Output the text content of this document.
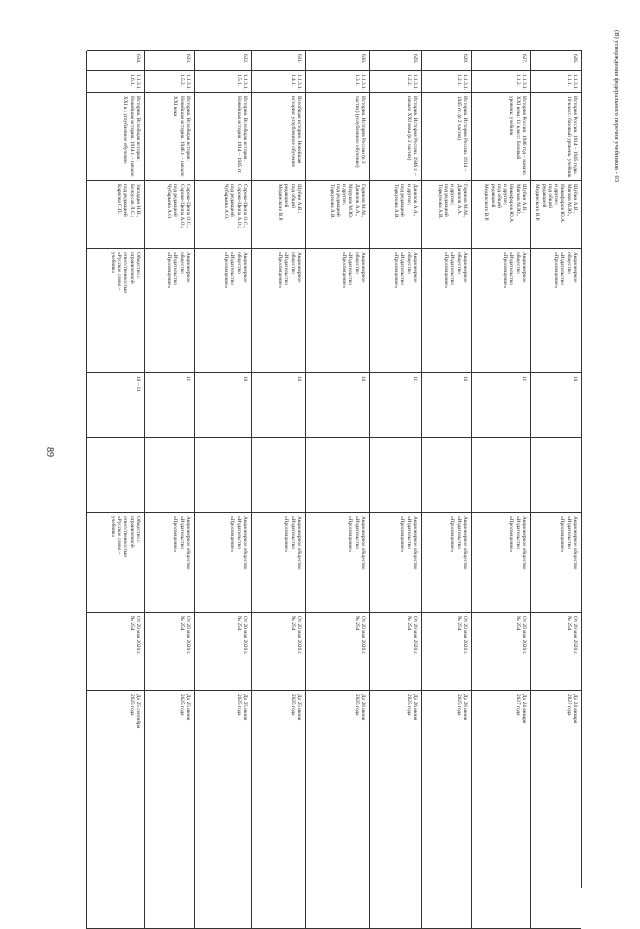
89
(В) утверждения федерального перечня учебников - 03
626.
1.1.3.1.
1.1.1.
История России. 1914 – 1945 годы. 10-класс: базовый уровень: учебник
Шубин А.В.,
Мягков М.Ю.,
Никифоров Ю.А.
и другие;
под общей
редакцией
Мединского В.Р.
Акционерное
общество
«Издательство
«Просвещение»
10
Акционерное общество
«Издательство
«Просвещение»
От 20 мая 2020 г.
№ 254
До 24 января
2027 года
627.
1.1.3.1.
1.1.2.
История России. 1946 год – начало XXI века: 11 класс: базовый уровень: учебник
Шубин А.В.,
Мягков М.Ю.,
Никифоров Ю.А.
и другие;
под общей
редакцией
Мединского В.Р.
Акционерное
общество
«Издательство
«Просвещение»
11
Акционерное общество
«Издательство
«Просвещение»
От 20 мая 2020 г.
№ 254
До 24 января
2027 года
628.
1.1.3.1.
1.2.1.
История. История России. 1914 – 1945 гг. (в 2 частях)
Горинов М.М.,
Данилов А.А.
и другие;
под редакцией
Торкунова А.В.
Акционерное
общество
«Издательство
«Просвещение»
10
Акционерное общество
«Издательство
«Просвещение»
От 20 мая 2020 г.
№ 254
До 26 июня
2025 года
629.
1.1.3.1.
1.2.2.
История. История России. 1946 г. – начало XXI века (в 2 частях)
Данилов А.А.,
и другие;
под редакцией
Торкунова А.В.
Акционерное
общество
«Издательство
«Просвещение»
11
Акционерное общество
«Издательство
«Просвещение»
От 20 мая 2020 г.
№ 254
До 26 июня
2025 года
630.
1.1.3.1.
1.3.1.
История. История России (в 3 частях) (углубленное обучение)
Горинов М.М.,
Данилов А.А.,
Моруков М.Ю.
и другие;
под редакцией
Торкунова А.В.
Акционерное
общество
«Издательство
«Просвещение»
10
Акционерное общество
«Издательство
«Просвещение»
От 20 мая 2020 г.
№ 254
До 26 июня
2025 года
631.
1.1.3.1.
1.4.1.
Всеобщая история. Новейшая история: углубленное обучение
Шубин А.В.;
под общей
редакцией
Мединского В.Р.
Акционерное
общество
«Издательство
«Просвещение»
10
Акционерное общество
«Издательство
«Просвещение»
От 20 мая 2020 г.
№ 254
До 25 июня
2025 года
632.
1.1.3.1.
1.5.1.
История. Всеобщая история. Новейшая история. 1914 – 1945 гг.
Сороко-Цюпа О.С.,
Сороко-Цюпа А.О.;
под редакцией
Чубарьяна А.О.
Акционерное
общество
«Издательство
«Просвещение»
10
Акционерное общество
«Издательство
«Просвещение»
От 20 мая 2020 г.
№ 254
До 25 июня
2025 года
633.
1.1.3.1.
1.5.2.
История. Всеобщая история. Новейшая история. 1946 г. – начало XXI века
Сороко-Цюпа О.С.,
Сороко-Цюпа А.О.;
под редакцией
Чубарьяна А.О.
Акционерное
общество
«Издательство
«Просвещение»
11
Акционерное общество
«Издательство
«Просвещение»
От 20 мая 2020 г.
№ 254
До 25 июня
2025 года
634.
1.1.3.1.
1.6.1.
История. Всеобщая история. Новейшая история. 1914 г. – начало XXI в.: углубленное обучение
Загладин Н.В.,
Белоусов Л.С.;
под редакцией
Карпова С.П.
Общество с
ограниченной
ответственностью
«Русское слово –
учебник»
10 – 11
Общество с
ограниченной
ответственностью
«Русское слово –
учебник»
От 20 мая 2020 г.
№ 254
До 25 сентября
2025 года
